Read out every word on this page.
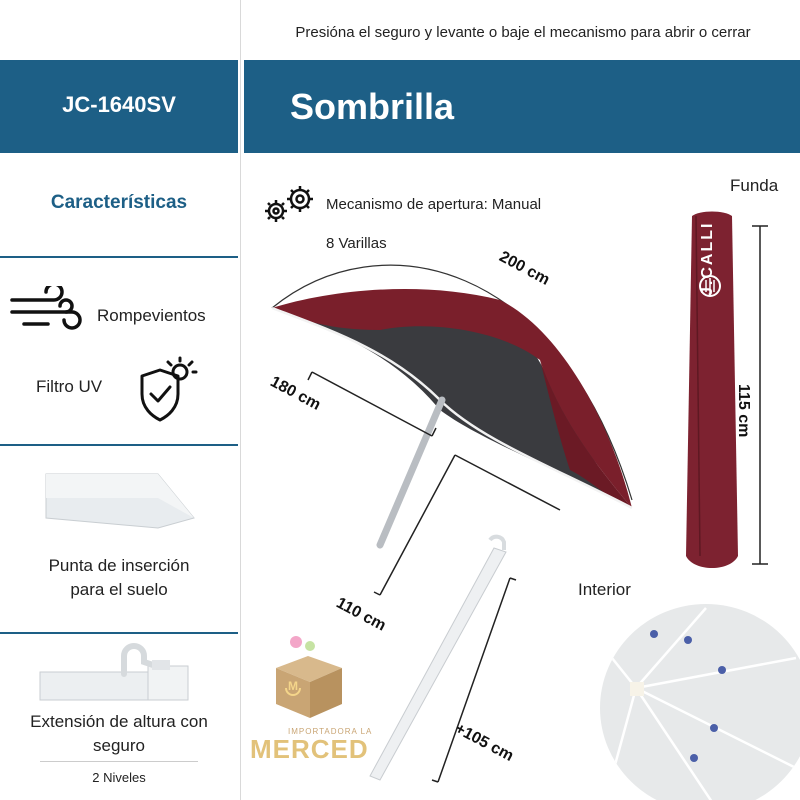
Presióna el seguro y levante o baje el mecanismo para abrir o cerrar
JC-1640SV	Sombrilla
Características
Rompevientos
Filtro UV
Punta de inserción
para el suelo
Extensión de altura con
seguro
2 Niveles
Mecanismo de apertura: Manual
8 Varillas
200 cm
180 cm
110 cm
+105 cm
Funda
J.CALLI
115 cm
Interior
M
IMPORTADORA LA
MERCED
